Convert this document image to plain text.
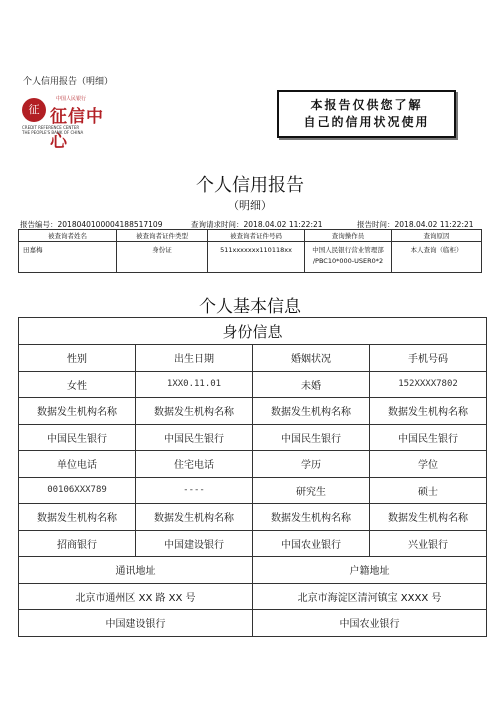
个人信用报告（明细）
征
中国人民银行
征信中心
CREDIT REFERENCE CENTER
THE PEOPLE'S BANK OF CHINA
本报告仅供您了解
自己的信用状况使用
个人信用报告
（明细）
报告编号：2018040100004188517109	查询请求时间：2018.04.02 11:22:21	报告时间：2018.04.02 11:22:21
被查询者姓名	被查询者证件类型	被查询者证件号码	查询操作员	查询原因
田嘉梅	身份证	511xxxxxxx110118xx	中国人民银行营业管理部
/PBC10*000-USER0*2	本人查询（临柜）
个人基本信息
身份信息			
性别	出生日期	婚姻状况	手机号码
女性	1XX0.11.01	未婚	152XXXX7802
数据发生机构名称	数据发生机构名称	数据发生机构名称	数据发生机构名称
中国民生银行	中国民生银行	中国民生银行	中国民生银行
单位电话	住宅电话	学历	学位
00106XXX789	----	研究生	硕士
数据发生机构名称	数据发生机构名称	数据发生机构名称	数据发生机构名称
招商银行	中国建设银行	中国农业银行	兴业银行
通讯地址		户籍地址	
北京市通州区 XX 路 XX 号		北京市海淀区清河镇宝 XXXX 号	
中国建设银行		中国农业银行	
